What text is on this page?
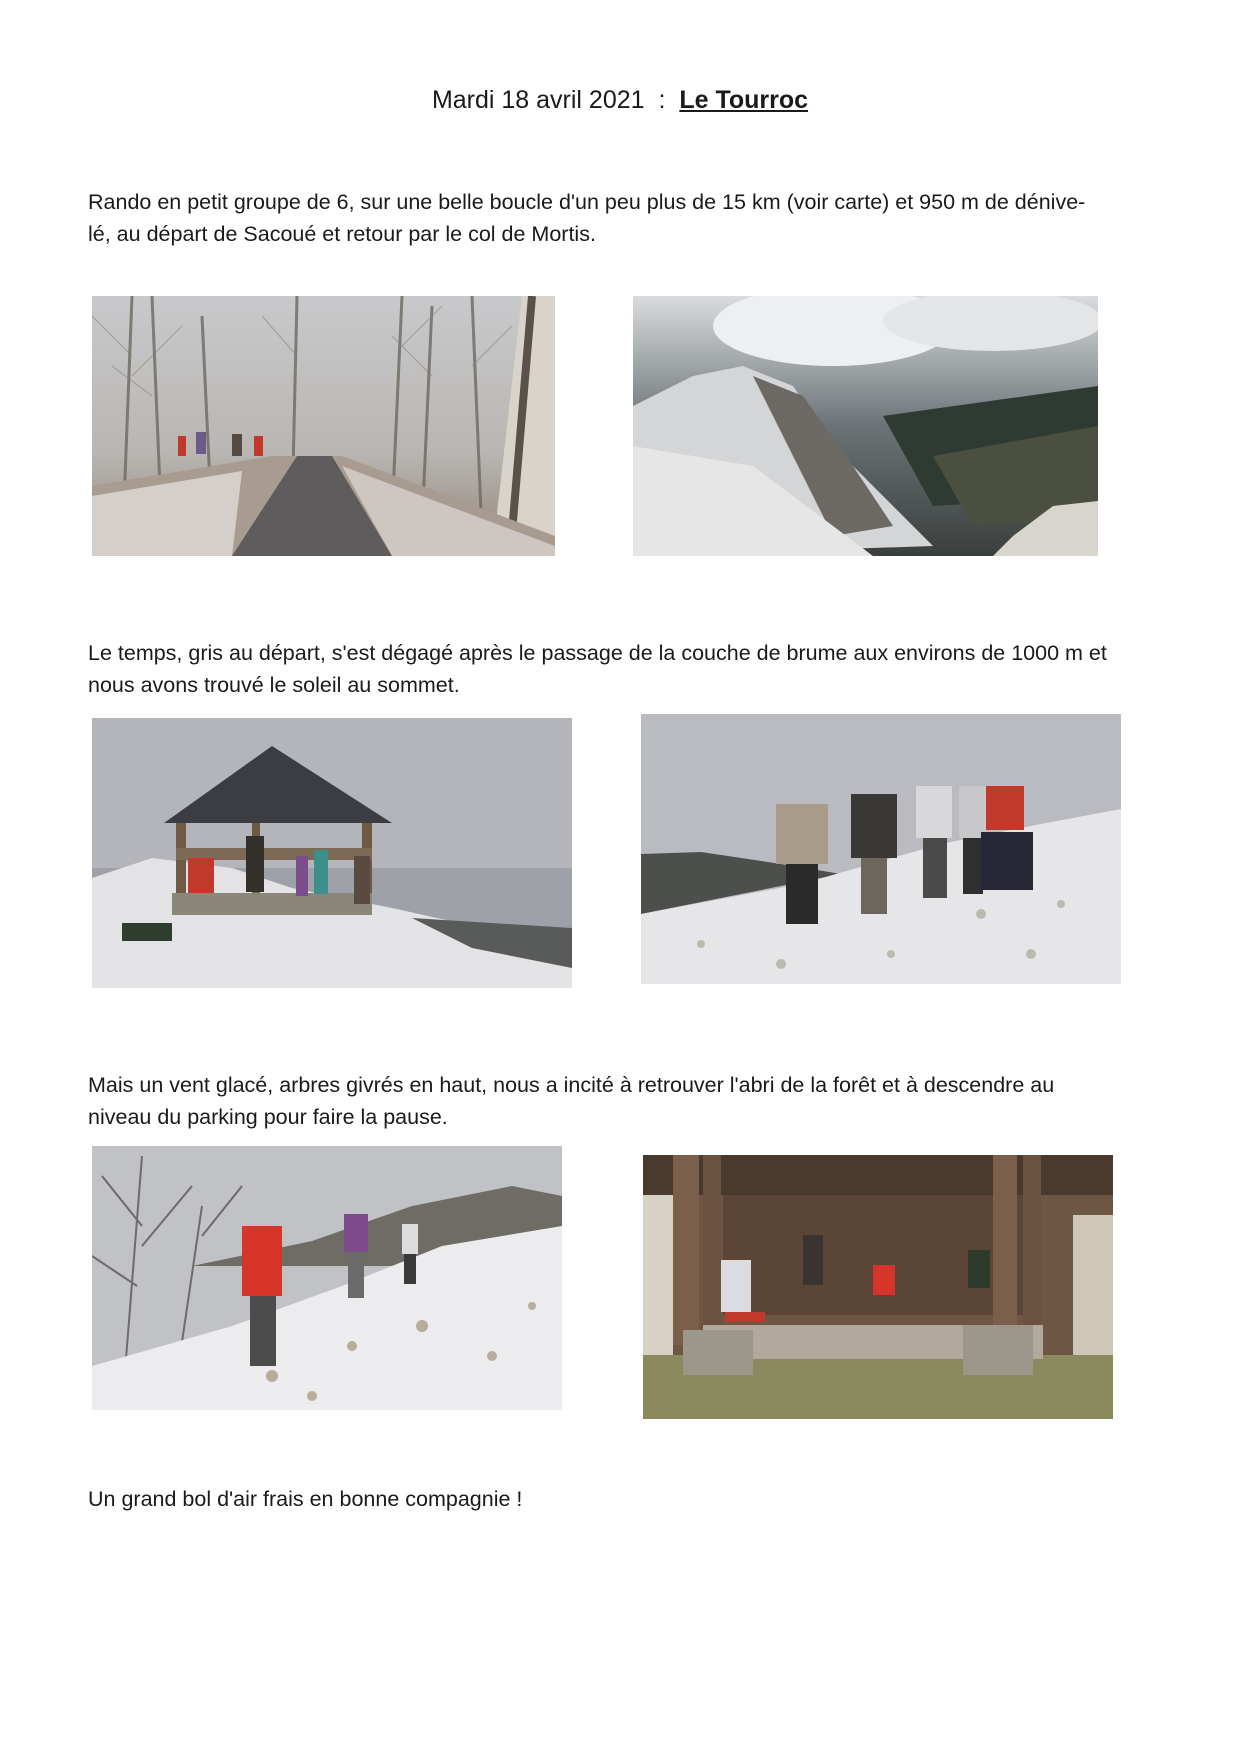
Mardi 18 avril 2021 : Le Tourroc
Rando en petit groupe de 6, sur une belle boucle d'un peu plus de 15 km (voir carte) et 950 m de dénive-
lé, au départ de Sacoué et retour par le col de Mortis.
Le temps, gris au départ, s'est dégagé après le passage de la couche de brume aux environs de 1000 m et
nous avons trouvé le soleil au sommet.
Mais un vent glacé, arbres givrés en haut, nous a incité à retrouver l'abri de la forêt et à descendre au
niveau du parking pour faire la pause.
Un grand bol d'air frais en bonne compagnie !
